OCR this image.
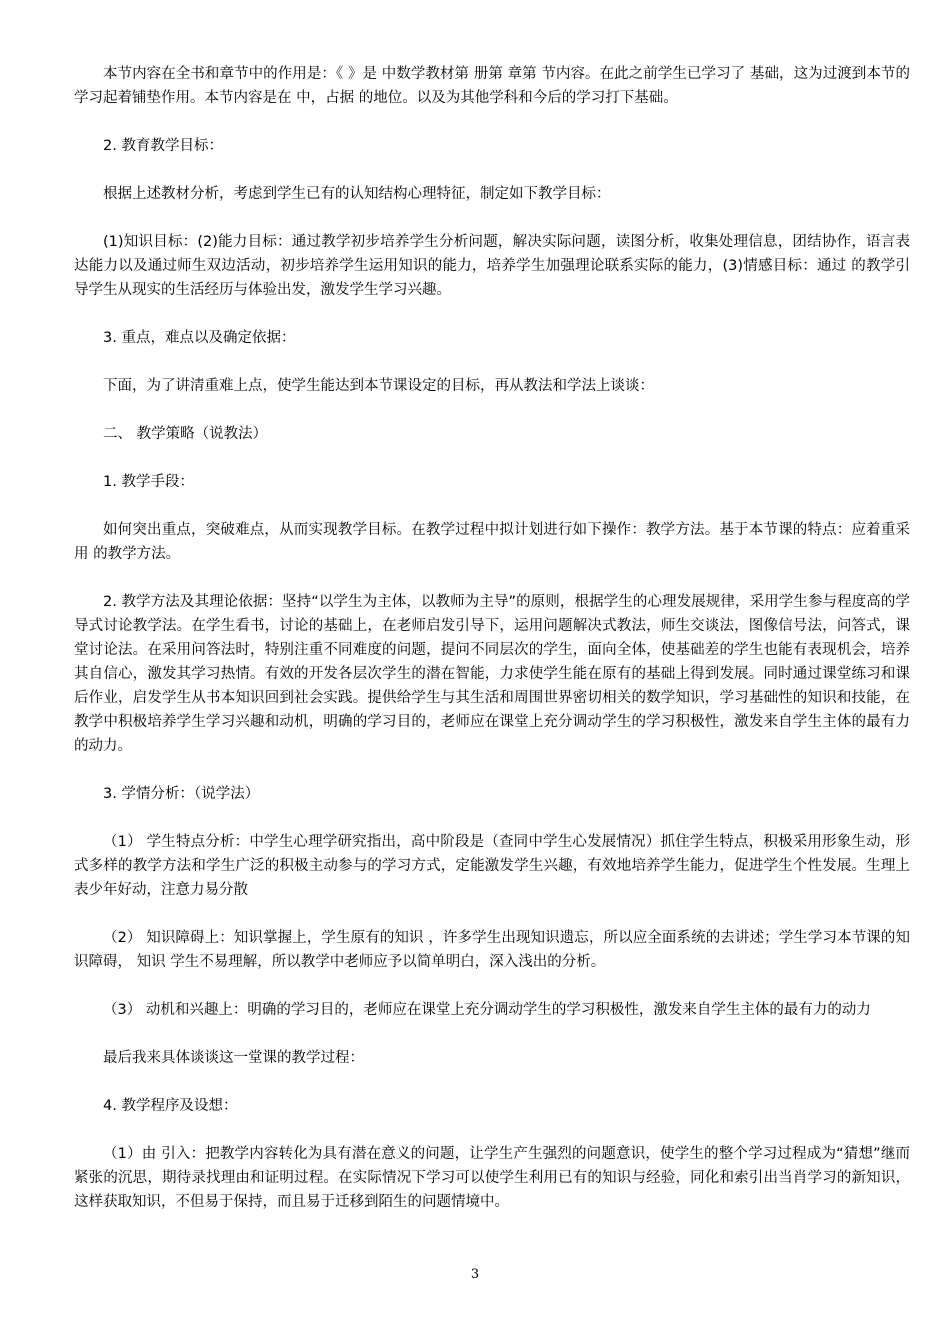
本节内容在全书和章节中的作用是：《 》是 中数学教材第 册第 章第 节内容。在此之前学生已学习了 基础，这为过渡到本节的学习起着铺垫作用。本节内容是在 中，占据 的地位。以及为其他学科和今后的学习打下基础。

2. 教育教学目标：

根据上述教材分析，考虑到学生已有的认知结构心理特征，制定如下教学目标：

(1)知识目标：(2)能力目标：通过教学初步培养学生分析问题，解决实际问题，读图分析，收集处理信息，团结协作，语言表达能力以及通过师生双边活动，初步培养学生运用知识的能力，培养学生加强理论联系实际的能力，(3)情感目标：通过 的教学引导学生从现实的生活经历与体验出发，激发学生学习兴趣。

3. 重点，难点以及确定依据：

下面，为了讲清重难上点，使学生能达到本节课设定的目标，再从教法和学法上谈谈：

二、 教学策略（说教法）

1. 教学手段：

如何突出重点，突破难点，从而实现教学目标。在教学过程中拟计划进行如下操作：教学方法。基于本节课的特点：应着重采用 的教学方法。

2. 教学方法及其理论依据：坚持“以学生为主体，以教师为主导”的原则，根据学生的心理发展规律，采用学生参与程度高的学导式讨论教学法。在学生看书，讨论的基础上，在老师启发引导下，运用问题解决式教法，师生交谈法，图像信号法，问答式，课堂讨论法。在采用问答法时，特别注重不同难度的问题，提问不同层次的学生，面向全体，使基础差的学生也能有表现机会，培养其自信心，激发其学习热情。有效的开发各层次学生的潜在智能，力求使学生能在原有的基础上得到发展。同时通过课堂练习和课后作业，启发学生从书本知识回到社会实践。提供给学生与其生活和周围世界密切相关的数学知识，学习基础性的知识和技能，在教学中积极培养学生学习兴趣和动机，明确的学习目的，老师应在课堂上充分调动学生的学习积极性，激发来自学生主体的最有力的动力。

3. 学情分析：（说学法）

（1） 学生特点分析：中学生心理学研究指出，高中阶段是（查同中学生心发展情况）抓住学生特点，积极采用形象生动，形式多样的教学方法和学生广泛的积极主动参与的学习方式，定能激发学生兴趣，有效地培养学生能力，促进学生个性发展。生理上表少年好动，注意力易分散

（2） 知识障碍上：知识掌握上，学生原有的知识 ，许多学生出现知识遗忘，所以应全面系统的去讲述；学生学习本节课的知识障碍， 知识 学生不易理解，所以教学中老师应予以简单明白，深入浅出的分析。

（3） 动机和兴趣上：明确的学习目的，老师应在课堂上充分调动学生的学习积极性，激发来自学生主体的最有力的动力

最后我来具体谈谈这一堂课的教学过程：

4. 教学程序及设想：

（1）由 引入：把教学内容转化为具有潜在意义的问题，让学生产生强烈的问题意识，使学生的整个学习过程成为“猜想”继而紧张的沉思，期待录找理由和证明过程。在实际情况下学习可以使学生利用已有的知识与经验，同化和索引出当肖学习的新知识，这样获取知识，不但易于保持，而且易于迁移到陌生的问题情境中。

3
